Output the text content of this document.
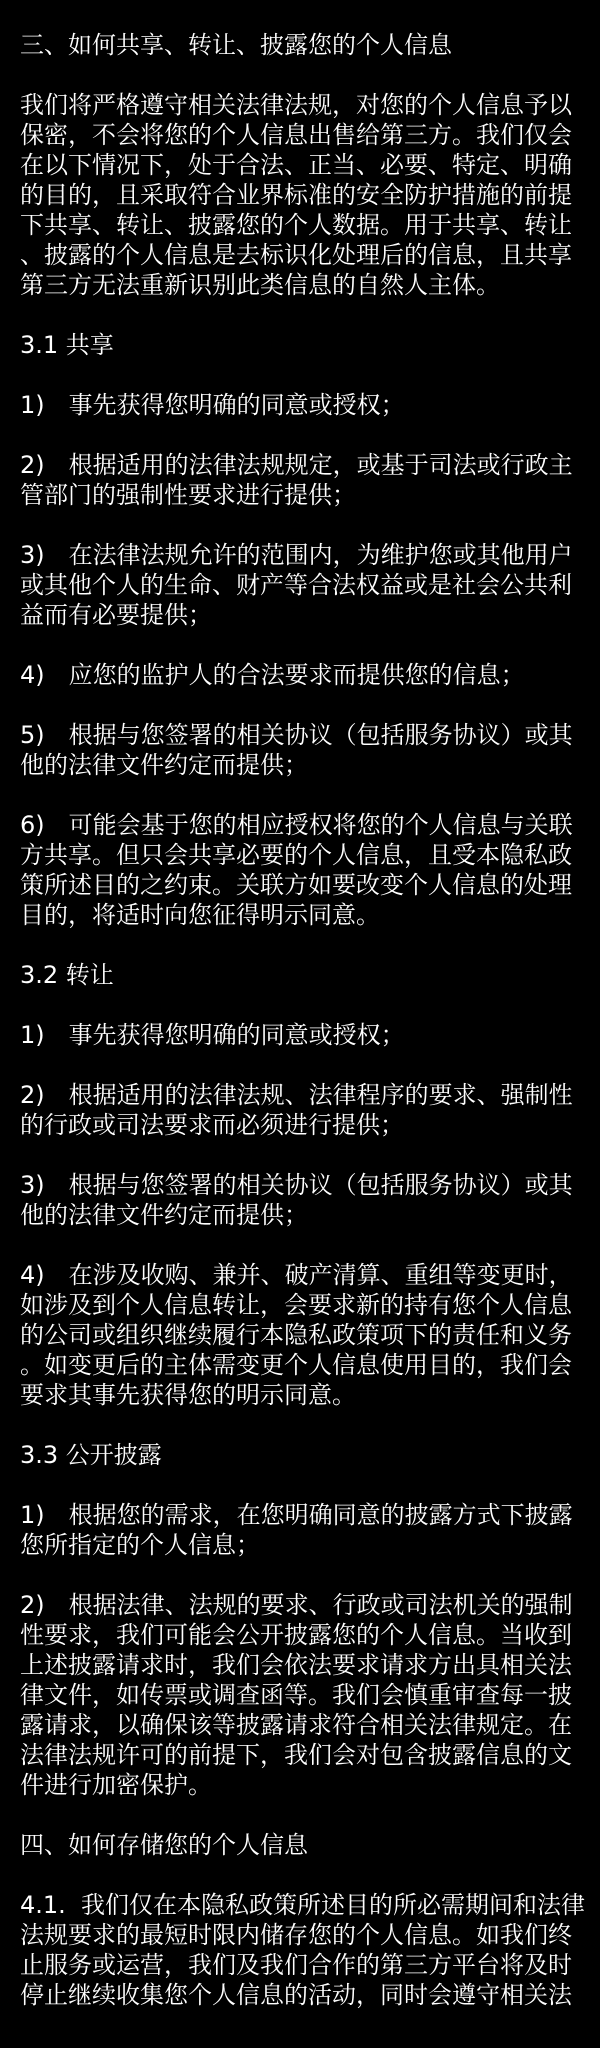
三、如何共享、转让、披露您的个人信息
我们将严格遵守相关法律法规，对您的个人信息予以
保密，不会将您的个人信息出售给第三方。我们仅会
在以下情况下，处于合法、正当、必要、特定、明确
的目的，且采取符合业界标准的安全防护措施的前提
下共享、转让、披露您的个人数据。用于共享、转让
、披露的个人信息是去标识化处理后的信息，且共享
第三方无法重新识别此类信息的自然人主体。
3.1 共享
1)　事先获得您明确的同意或授权；
2)　根据适用的法律法规规定，或基于司法或行政主
管部门的强制性要求进行提供；
3)　在法律法规允许的范围内，为维护您或其他用户
或其他个人的生命、财产等合法权益或是社会公共利
益而有必要提供；
4)　应您的监护人的合法要求而提供您的信息；
5)　根据与您签署的相关协议（包括服务协议）或其
他的法律文件约定而提供；
6)　可能会基于您的相应授权将您的个人信息与关联
方共享。但只会共享必要的个人信息，且受本隐私政
策所述目的之约束。关联方如要改变个人信息的处理
目的，将适时向您征得明示同意。
3.2 转让
1)　事先获得您明确的同意或授权；
2)　根据适用的法律法规、法律程序的要求、强制性
的行政或司法要求而必须进行提供；
3)　根据与您签署的相关协议（包括服务协议）或其
他的法律文件约定而提供；
4)　在涉及收购、兼并、破产清算、重组等变更时，
如涉及到个人信息转让，会要求新的持有您个人信息
的公司或组织继续履行本隐私政策项下的责任和义务
。如变更后的主体需变更个人信息使用目的，我们会
要求其事先获得您的明示同意。
3.3 公开披露
1)　根据您的需求，在您明确同意的披露方式下披露
您所指定的个人信息；
2)　根据法律、法规的要求、行政或司法机关的强制
性要求，我们可能会公开披露您的个人信息。当收到
上述披露请求时，我们会依法要求请求方出具相关法
律文件，如传票或调查函等。我们会慎重审查每一披
露请求，以确保该等披露请求符合相关法律规定。在
法律法规许可的前提下，我们会对包含披露信息的文
件进行加密保护。
四、如何存储您的个人信息
4.1.  我们仅在本隐私政策所述目的所必需期间和法律
法规要求的最短时限内储存您的个人信息。如我们终
止服务或运营，我们及我们合作的第三方平台将及时
停止继续收集您个人信息的活动，同时会遵守相关法
